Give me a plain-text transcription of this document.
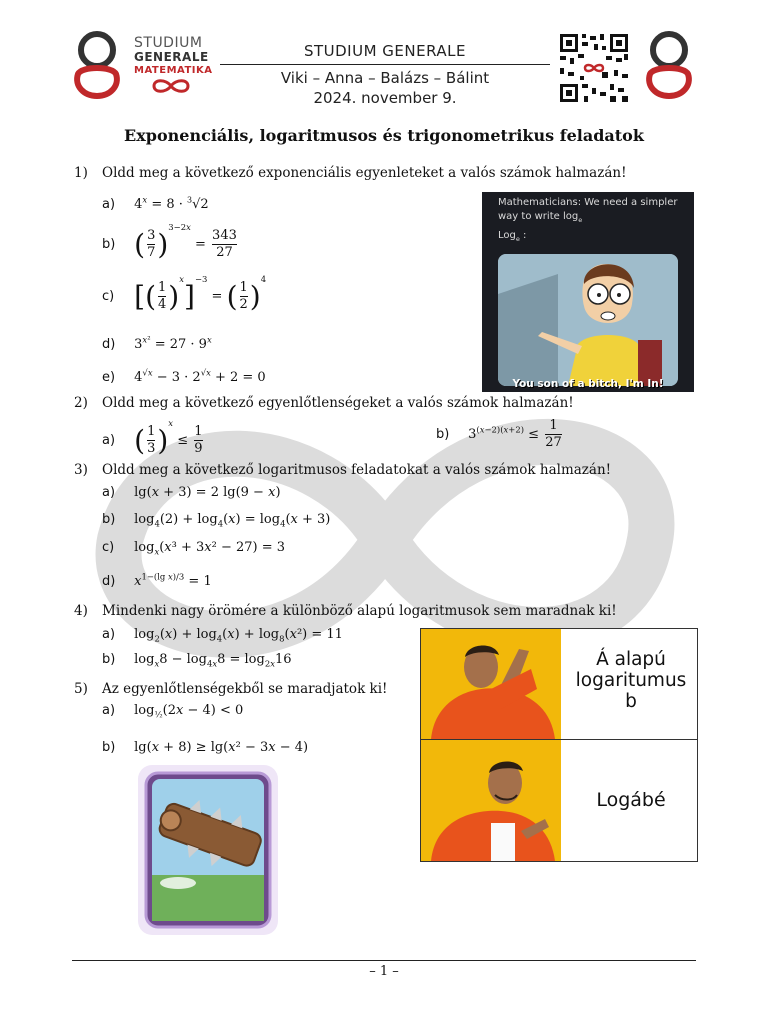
STUDIUM
GENERALE
MATEMATIKA
STUDIUM GENERALE
Viki – Anna – Balázs – Bálint
2024. november 9.
Exponenciális, logaritmusos és trigonometrikus feladatok
1) Oldd meg a következő exponenciális egyenleteket a valós számok halmazán!
a) $4^x = 8 \cdot ^3√2$
b) ( $\frac{3}{7} )^{3-2x} = \frac{343}{27}$
c) [( $\frac{1}{4} )^x]^{-3}$ = ( $\frac{1}{2} )^4$
d) $3^{x^2} = 27 \cdot 9^x$
e) $4^{√x} - 3 \cdot 2^{√x} + 2 = 0$
Mathematicians: We need a simpler
way to write $\log_e$
Log$_e$ :
You son of a bitch, I'm In!
2) Oldd meg a következő egyenlőtlenségeket a valós számok halmazán!
a) ( $\frac{1}{3} )^x \le \frac{1}{9}$	b) $3^{(x-2)(x+2)} \le \frac{1}{27}$
3) Oldd meg a következő logaritmusos feladatokat a valós számok halmazán!
a) lg(x + 3) = 2 lg(9 − x)
b) $\log_4(2) + \log_4(x) = \log_4(x + 3)$
c) $\log_x(x^3 + 3x^2 - 27) = 3$
d) $x^{1-(lg x)/3} = 1$
4) Mindenki nagy örömére a különböző alapú logaritmusok sem maradnak ki!
a) $\log_2(x) + \log_4(x) + \log_8(x^2) = 11$
b) $\log_x8 - \log_{4x}8 = \log_{2x}16$
5) Az egyenlőtlenségekből se maradjatok ki!
a) $\log_{\frac{1}{2}}(2x - 4) < 0$
b) lg(x + 8) ≥ lg(x² − 3x − 4)
Á alapú logaritumus b
Logábé
– 1 –
